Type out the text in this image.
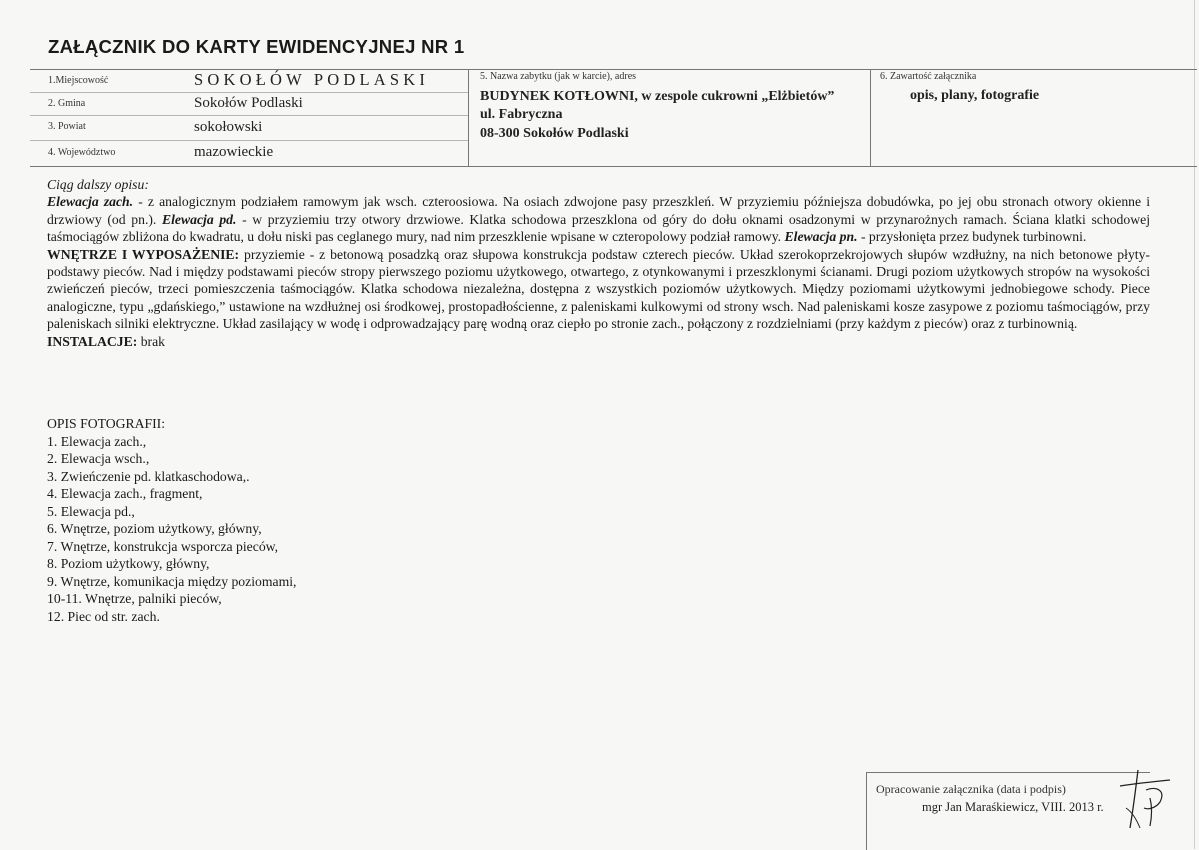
ZAŁĄCZNIK DO KARTY EWIDENCYJNEJ NR 1
1.Miejscowość	SOKOŁÓW PODLASKI
2. Gmina	Sokołów Podlaski
3. Powiat	sokołowski
4. Województwo	mazowieckie
5. Nazwa zabytku (jak w karcie), adres
BUDYNEK KOTŁOWNI, w zespole cukrowni „Elżbietów”
ul. Fabryczna
08-300 Sokołów Podlaski
6. Zawartość załącznika
opis, plany, fotografie

Ciąg dalszy opisu:

Elewacja zach. - z analogicznym podziałem ramowym jak wsch. czteroosiowa. Na osiach zdwojone pasy przeszkleń. W przyziemiu późniejsza dobudówka, po jej obu stronach otwory okienne i drzwiowy (od pn.). Elewacja pd. - w przyziemiu trzy otwory drzwiowe. Klatka schodowa przeszklona od góry do dołu oknami osadzonymi w przynarożnych ramach. Ściana klatki schodowej taśmociągów zbliżona do kwadratu, u dołu niski pas ceglanego mury, nad nim przeszklenie wpisane w czteropolowy podział ramowy. Elewacja pn. - przysłonięta przez budynek turbinowni.

WNĘTRZE I WYPOSAŻENIE: przyziemie - z betonową posadzką oraz słupowa konstrukcja podstaw czterech pieców. Układ szerokoprzekrojowych słupów wzdłużny, na nich betonowe płyty- podstawy pieców. Nad i między podstawami pieców stropy pierwszego poziomu użytkowego, otwartego, z otynkowanymi i przeszklonymi ścianami. Drugi poziom użytkowych stropów na wysokości zwieńczeń pieców, trzeci pomieszczenia taśmociągów. Klatka schodowa niezależna, dostępna z wszystkich poziomów użytkowych. Między poziomami użytkowymi jednobiegowe schody. Piece analogiczne, typu „gdańskiego,” ustawione na wzdłużnej osi środkowej, prostopadłościenne, z paleniskami kulkowymi od strony wsch. Nad paleniskami kosze zasypowe z poziomu taśmociągów, przy paleniskach silniki elektryczne. Układ zasilający w wodę i odprowadzający parę wodną oraz ciepło po stronie zach., połączony z rozdzielniami (przy każdym z pieców) oraz z turbinownią.

INSTALACJE: brak

OPIS FOTOGRAFII:
1. Elewacja zach.,
2. Elewacja wsch.,
3. Zwieńczenie pd. klatkaschodowa,.
4. Elewacja zach., fragment,
5. Elewacja pd.,
6. Wnętrze, poziom użytkowy, główny,
7. Wnętrze, konstrukcja wsporcza pieców,
8. Poziom użytkowy, główny,
9. Wnętrze, komunikacja między poziomami,
10-11. Wnętrze, palniki pieców,
12. Piec od str. zach.
Opracowanie załącznika (data i podpis)
mgr Jan Maraśkiewicz, VIII. 2013 r.
